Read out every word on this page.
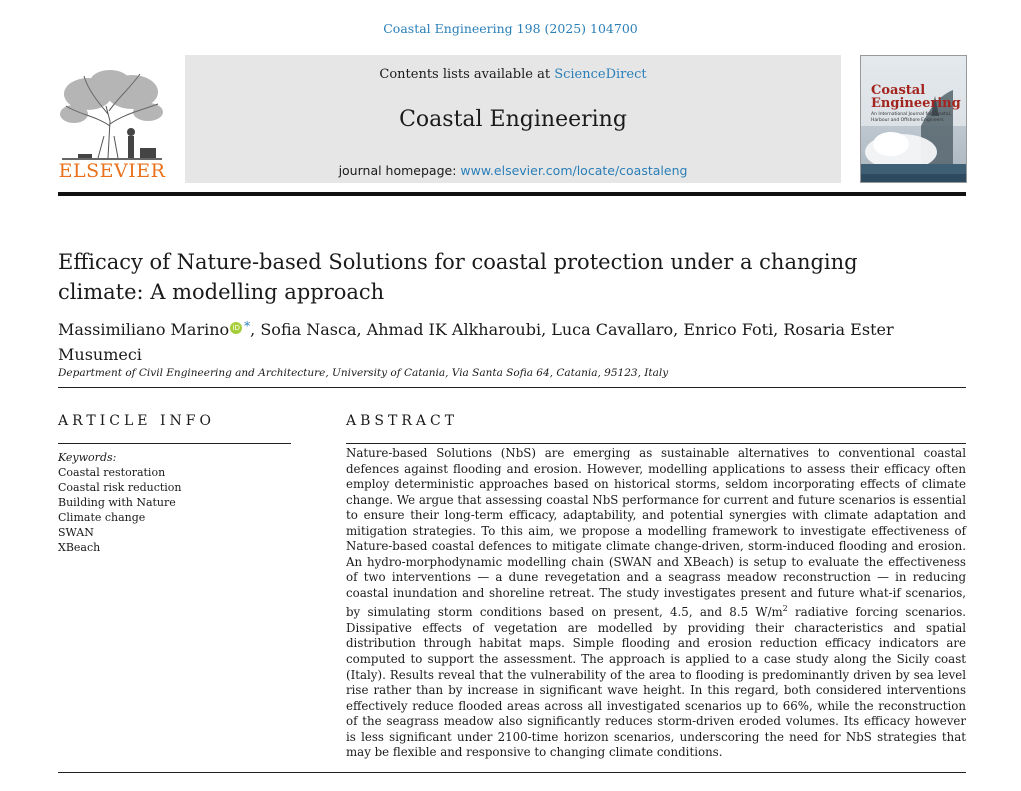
Coastal Engineering 198 (2025) 104700
ELSEVIER
Contents lists available at ScienceDirect
Coastal Engineering
journal homepage: www.elsevier.com/locate/coastaleng
Coastal
Engineering
An International Journal for Coastal, Harbour and Offshore Engineers
Efficacy of Nature-based Solutions for coastal protection under a changing climate: A modelling approach
Massimiliano Marino iD *, Sofia Nasca, Ahmad IK Alkharoubi, Luca Cavallaro, Enrico Foti, Rosaria Ester Musumeci
Department of Civil Engineering and Architecture, University of Catania, Via Santa Sofia 64, Catania, 95123, Italy
ARTICLE INFO
Keywords:
Coastal restoration
Coastal risk reduction
Building with Nature
Climate change
SWAN
XBeach
ABSTRACT

Nature-based Solutions (NbS) are emerging as sustainable alternatives to conventional coastal defences against flooding and erosion. However, modelling applications to assess their efficacy often employ deterministic approaches based on historical storms, seldom incorporating effects of climate change. We argue that assessing coastal NbS performance for current and future scenarios is essential to ensure their long-term efficacy, adaptability, and potential synergies with climate adaptation and mitigation strategies. To this aim, we propose a modelling framework to investigate effectiveness of Nature-based coastal defences to mitigate climate change-driven, storm-induced flooding and erosion. An hydro-morphodynamic modelling chain (SWAN and XBeach) is setup to evaluate the effectiveness of two interventions — a dune revegetation and a seagrass meadow reconstruction — in reducing coastal inundation and shoreline retreat. The study investigates present and future what-if scenarios, by simulating storm conditions based on present, 4.5, and 8.5 $W/m^2$ radiative forcing scenarios. Dissipative effects of vegetation are modelled by providing their characteristics and spatial distribution through habitat maps. Simple flooding and erosion reduction efficacy indicators are computed to support the assessment. The approach is applied to a case study along the Sicily coast (Italy). Results reveal that the vulnerability of the area to flooding is predominantly driven by sea level rise rather than by increase in significant wave height. In this regard, both considered interventions effectively reduce flooded areas across all investigated scenarios up to 66%, while the reconstruction of the seagrass meadow also significantly reduces storm-driven eroded volumes. Its efficacy however is less significant under 2100-time horizon scenarios, underscoring the need for NbS strategies that may be flexible and responsive to changing climate conditions.
